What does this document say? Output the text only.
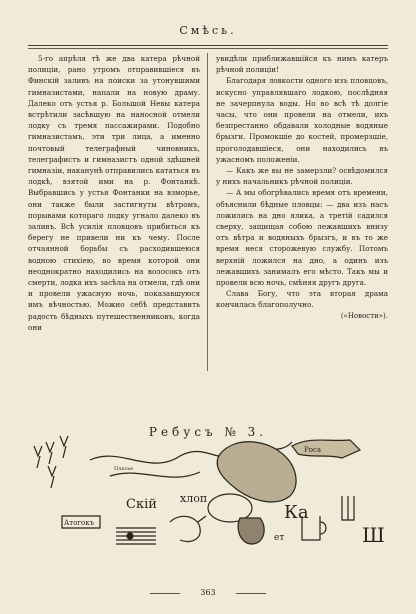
Смѣсь.

5-го апрѣля тѣ же два катера рѣчной полиціи, рано утромъ отправившiеся въ Финскiй заливъ на поиски за утонувшими гимназистами, напали на новую драму. Далеко отъ устья р. Большой Невы катера встрѣтили засѣвшую на наносной отмели лодку съ тремя пассажирами. Подобно гимназистамъ, эти три лица, а именно почтовый телеграфный чиновникъ, телеграфистъ и гимназистъ одной здѣшней гимназiи, наканунѣ отправились кататься въ лодкѣ, взятой ими на р. Фонтанкѣ. Выбравшись у устья Фонтанки на взморье, они также были застигнуты вѣтромъ, порывами котораго лодку угнало далеко въ заливъ. Всѣ усилiя пловцовъ прибиться къ берегу не привели ни къ чему. После отчаянной борьбы съ расходившеюся водною стихiею, во время которой они неоднократно находились на волосокъ отъ смерти, лодка ихъ засѣла на отмели, гдѣ они и провели ужасную ночь, показавшуюся имъ вѣчностью. Можно себѣ представить радость бѣдныхъ путешественниковъ, когда они

увидѣли приближавшiйся къ нимъ катеръ рѣчной полицiи!

Благодаря ловкости одного изъ пловцовъ, искусно управлявшаго лодкою, послѣдняя не зачерпнула воды. Но во всѣ тѣ долгiе часы, что они провели на отмели, ихъ безпрестанно обдавали холодные водяные брызги. Промокшiе до костей, промерзшiе, проголодавшiеся, они находились въ ужасномъ положенiи.

— Какъ же вы не замерзли? освѣдомился у нихъ начальникъ рѣчной полицiи.

— А мы обогрѣвались время отъ времени, объяснили бѣдные пловцы: — два изъ насъ ложились на дно ялика, а третiй садился сверху, защищая собою лежавшихъ внизу отъ вѣтра и водяныхъ брызгъ, и въ то же время неся сторожевую службу. Потомъ верхнiй ложился на дно, а одинъ изъ лежавшихъ занималъ его мѣсто. Такъ мы и провели всю ночь, смѣняя другъ друга.

Слава Богу, что эта вторая драма кончилась благополучно.

(«Новости»).
Ребусъ № 3.
Платье
Скій хлоп
ет	Ш
Атогокъ
Роса
Ка
363
